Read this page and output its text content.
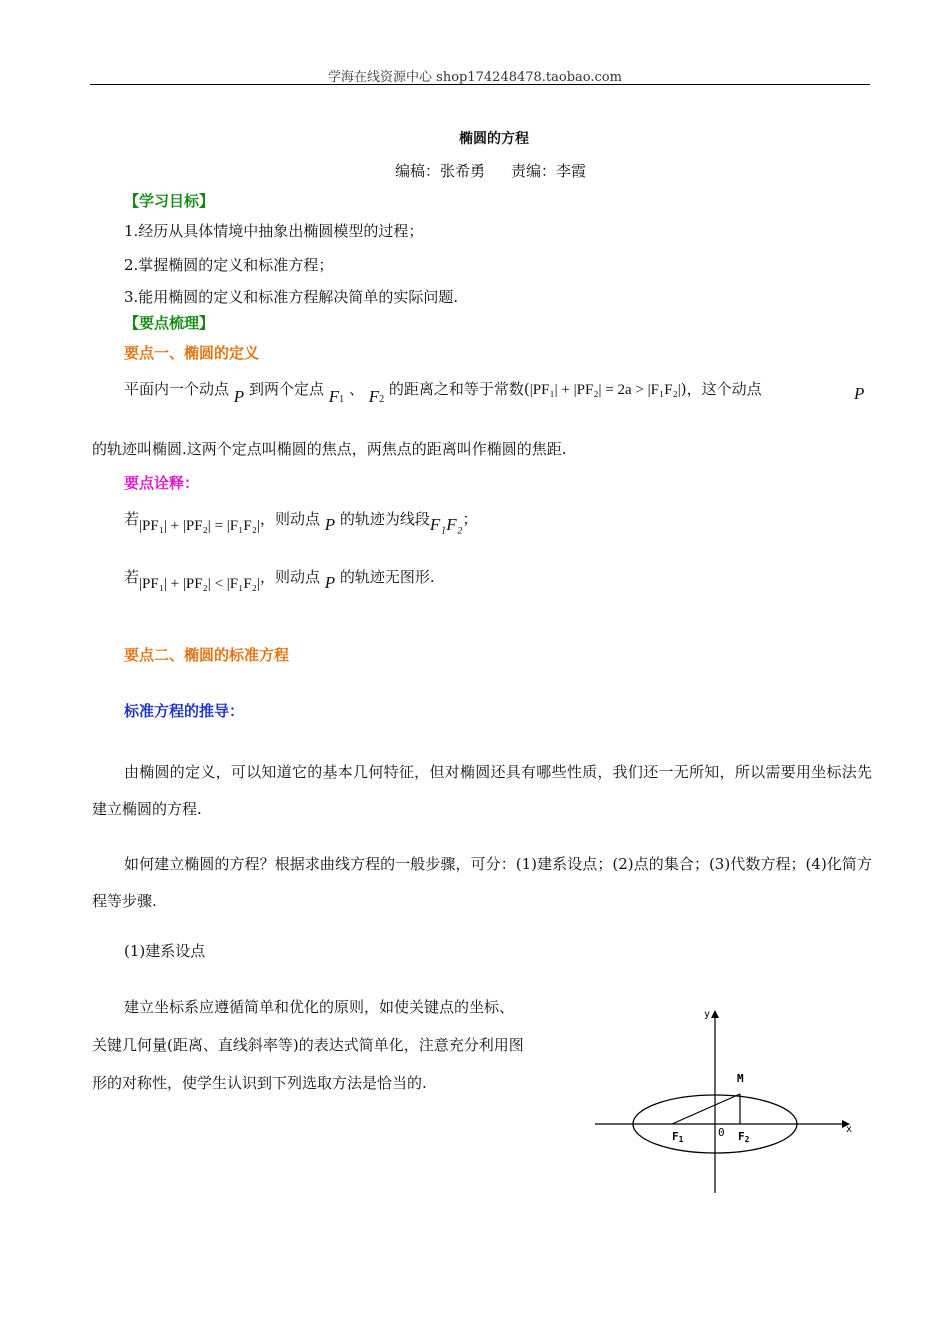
学海在线资源中心 shop174248478.taobao.com
椭圆的方程
编稿：张希勇 责编：李霞
【学习目标】
1.经历从具体情境中抽象出椭圆模型的过程；
2.掌握椭圆的定义和标准方程；
3.能用椭圆的定义和标准方程解决简单的实际问题.
【要点梳理】
要点一、椭圆的定义
平面内一个动点 P 到两个定点 F1 、 F2 的距离之和等于常数(|PF₁| + |PF₂| = 2a > |F₁F₂|)，这个动点	P
的轨迹叫椭圆.这两个定点叫椭圆的焦点，两焦点的距离叫作椭圆的焦距.
要点诠释：
若|PF₁| + |PF₂| = |F₁F₂|，则动点 P 的轨迹为线段F₁F₂；
若|PF₁| + |PF₂| < |F₁F₂|，则动点 P 的轨迹无图形.
要点二、椭圆的标准方程
标准方程的推导：
由椭圆的定义，可以知道它的基本几何特征，但对椭圆还具有哪些性质，我们还一无所知，所以需要用坐标法先建立椭圆的方程.
如何建立椭圆的方程？根据求曲线方程的一般步骤，可分：(1)建系设点；(2)点的集合；(3)代数方程；(4)化简方程等步骤.
(1)建系设点
建立坐标系应遵循简单和优化的原则，如使关键点的坐标、
关键几何量(距离、直线斜率等)的表达式简单化，注意充分利用图
形的对称性，使学生认识到下列选取方法是恰当的.
y
x
M
0
F1	F2
